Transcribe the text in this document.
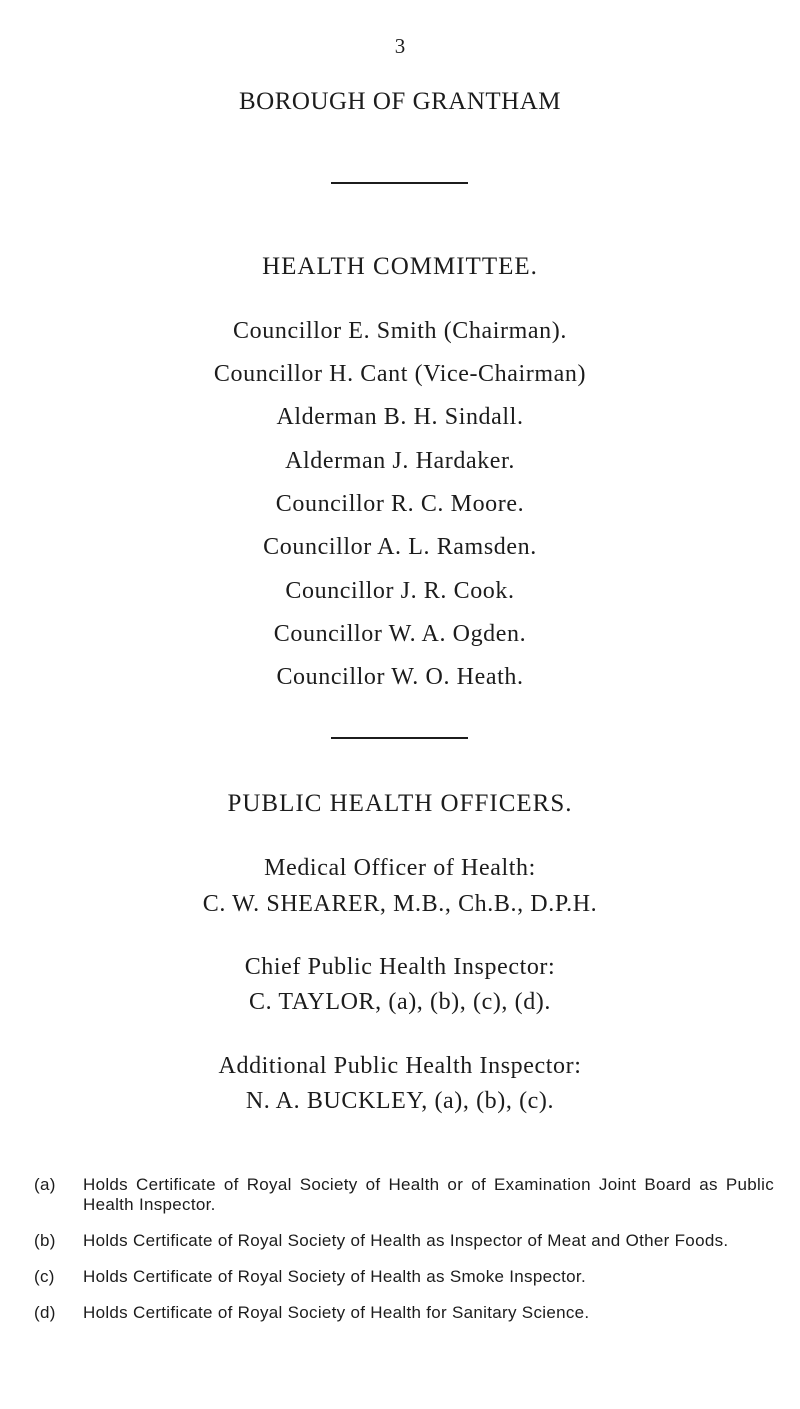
3
BOROUGH OF GRANTHAM
HEALTH COMMITTEE.
Councillor E. Smith (Chairman).
Councillor H. Cant (Vice-Chairman)
Alderman B. H. Sindall.
Alderman J. Hardaker.
Councillor R. C. Moore.
Councillor A. L. Ramsden.
Councillor J. R. Cook.
Councillor W. A. Ogden.
Councillor W. O. Heath.
PUBLIC HEALTH OFFICERS.
Medical Officer of Health:
C. W. SHEARER, M.B., Ch.B., D.P.H.
Chief Public Health Inspector:
C. TAYLOR, (a), (b), (c), (d).
Additional Public Health Inspector:
N. A. BUCKLEY, (a), (b), (c).
(a) Holds Certificate of Royal Society of Health or of Examination Joint Board as Public Health Inspector.
(b) Holds Certificate of Royal Society of Health as Inspector of Meat and Other Foods.
(c) Holds Certificate of Royal Society of Health as Smoke Inspector.
(d) Holds Certificate of Royal Society of Health for Sanitary Science.
